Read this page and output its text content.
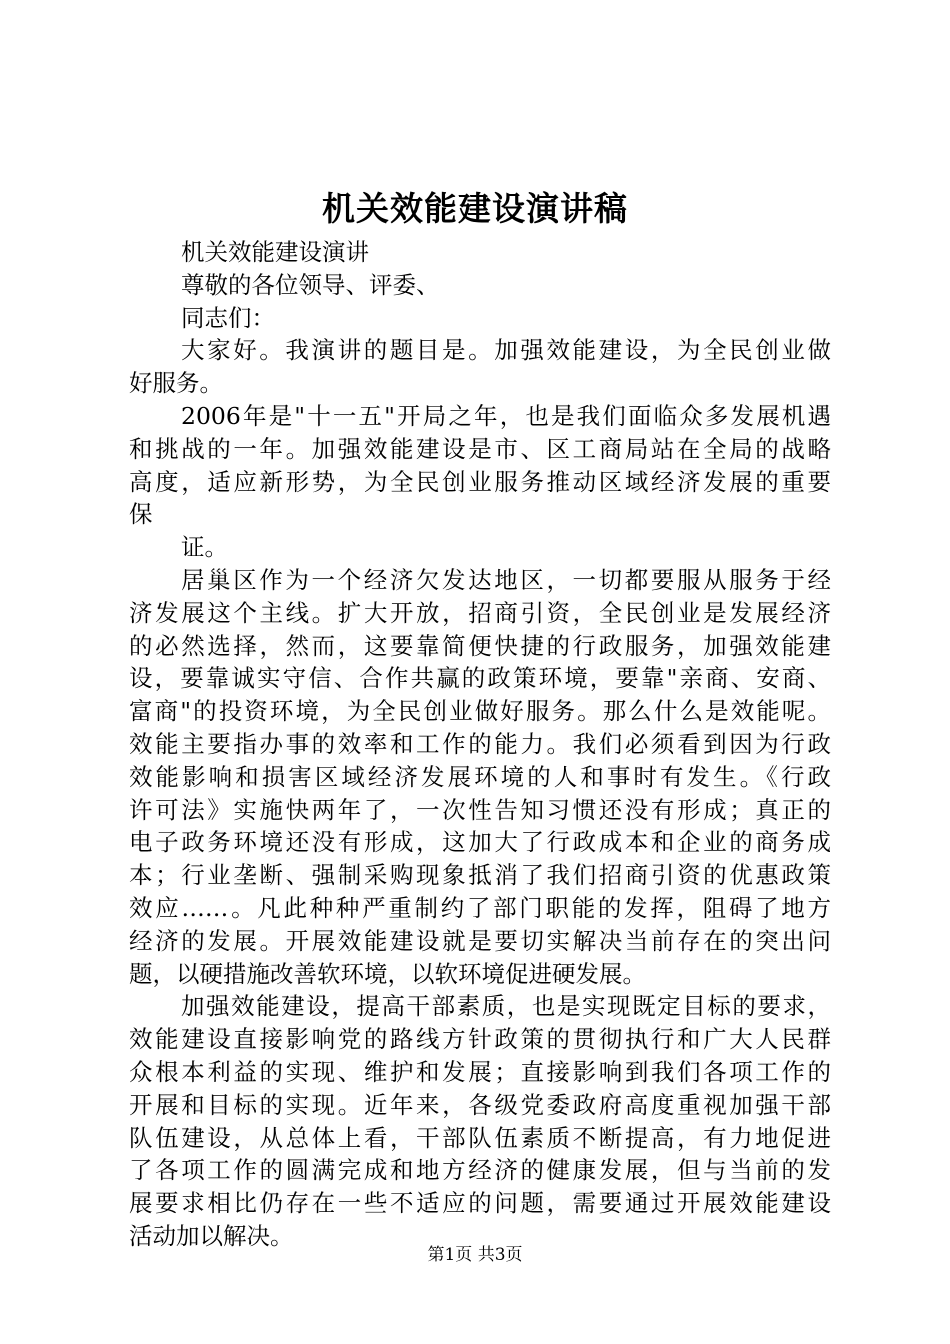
机关效能建设演讲稿
机关效能建设演讲
尊敬的各位领导、评委、
同志们：
大家好。我演讲的题目是。加强效能建设，为全民创业做
好服务。
2006年是"十一五"开局之年，也是我们面临众多发展机遇
和挑战的一年。加强效能建设是市、区工商局站在全局的战略
高度，适应新形势，为全民创业服务推动区域经济发展的重要
保
证。
居巢区作为一个经济欠发达地区，一切都要服从服务于经
济发展这个主线。扩大开放，招商引资，全民创业是发展经济
的必然选择，然而，这要靠简便快捷的行政服务，加强效能建
设，要靠诚实守信、合作共赢的政策环境，要靠"亲商、安商、
富商"的投资环境，为全民创业做好服务。那么什么是效能呢。
效能主要指办事的效率和工作的能力。我们必须看到因为行政
效能影响和损害区域经济发展环境的人和事时有发生。《行政
许可法》实施快两年了，一次性告知习惯还没有形成；真正的
电子政务环境还没有形成，这加大了行政成本和企业的商务成
本；行业垄断、强制采购现象抵消了我们招商引资的优惠政策
效应……。凡此种种严重制约了部门职能的发挥，阻碍了地方
经济的发展。开展效能建设就是要切实解决当前存在的突出问
题，以硬措施改善软环境，以软环境促进硬发展。
加强效能建设，提高干部素质，也是实现既定目标的要求，
效能建设直接影响党的路线方针政策的贯彻执行和广大人民群
众根本利益的实现、维护和发展；直接影响到我们各项工作的
开展和目标的实现。近年来，各级党委政府高度重视加强干部
队伍建设，从总体上看，干部队伍素质不断提高，有力地促进
了各项工作的圆满完成和地方经济的健康发展，但与当前的发
展要求相比仍存在一些不适应的问题，需要通过开展效能建设
活动加以解决。
第1页 共3页
